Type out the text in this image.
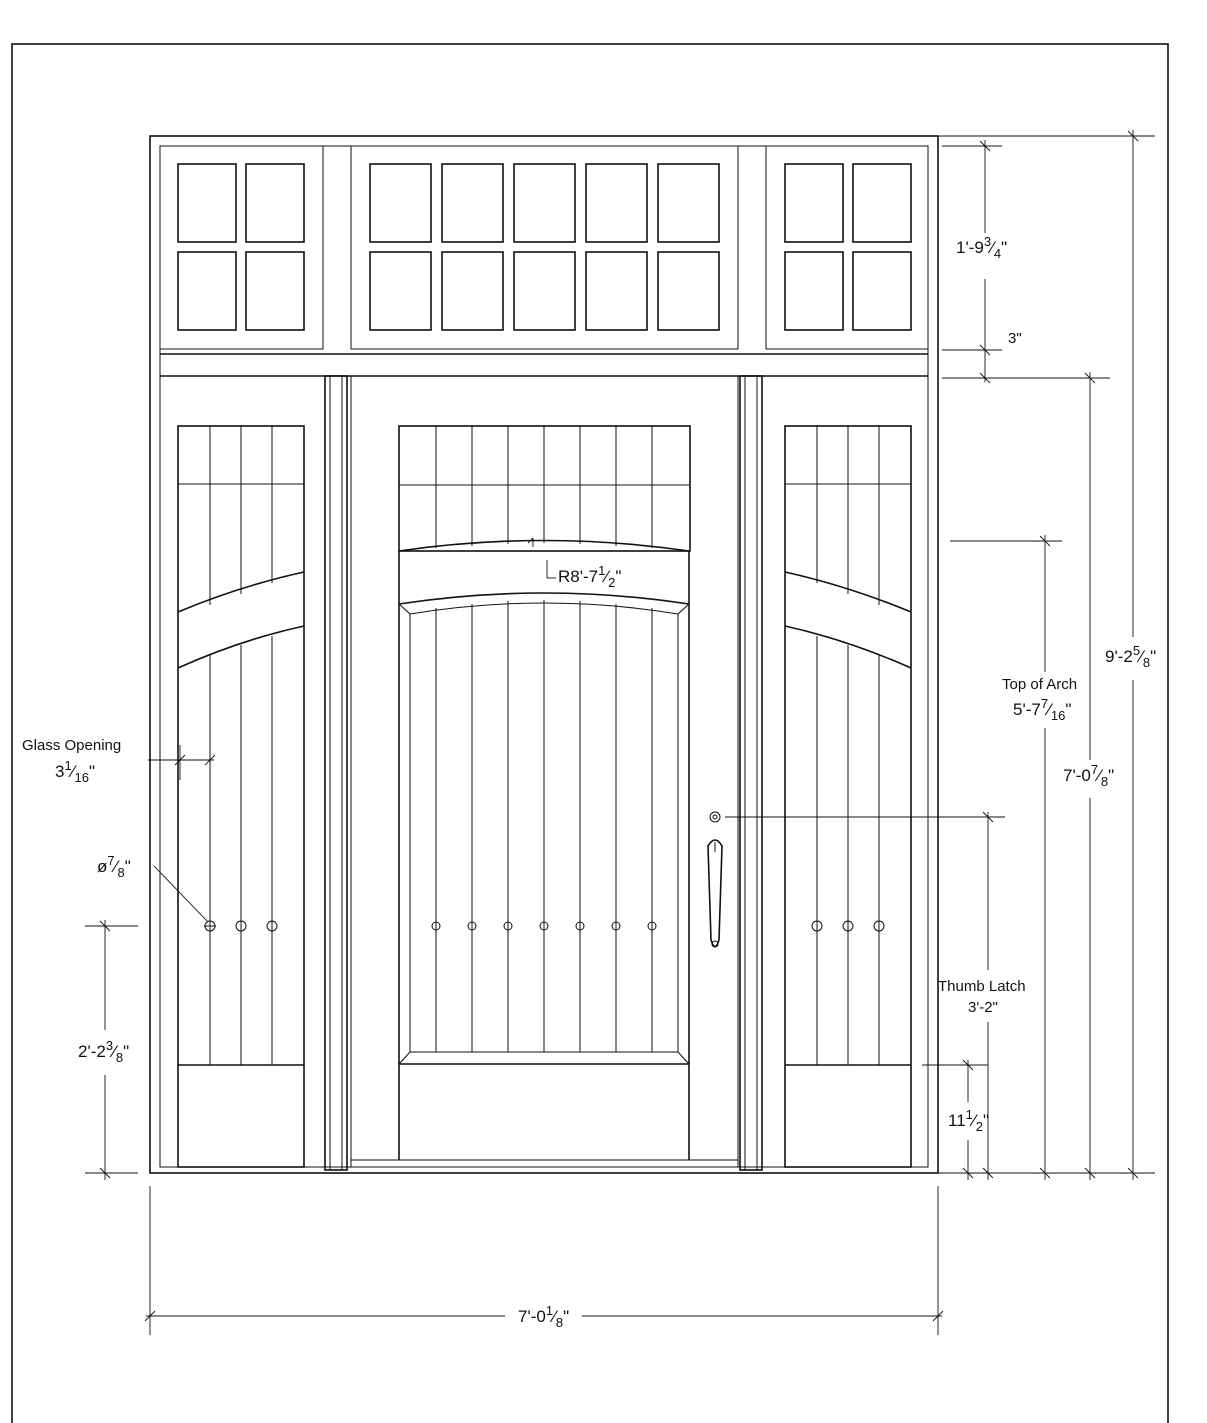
$1'-9^3⁄_4$"
3"
$9'-2^5⁄_8$"
$7'-0^7⁄_8$"
Top of Arch
$5'-7^7⁄_{16}$"
$R8'-7^1⁄_2$"
Glass Opening
$3^1⁄_{16}$"
$ø^7⁄_8$"
$2'-2^3⁄_8$"
Thumb Latch
3'-2"
$11^1⁄_2$"
$7'-0^1⁄_8$"
